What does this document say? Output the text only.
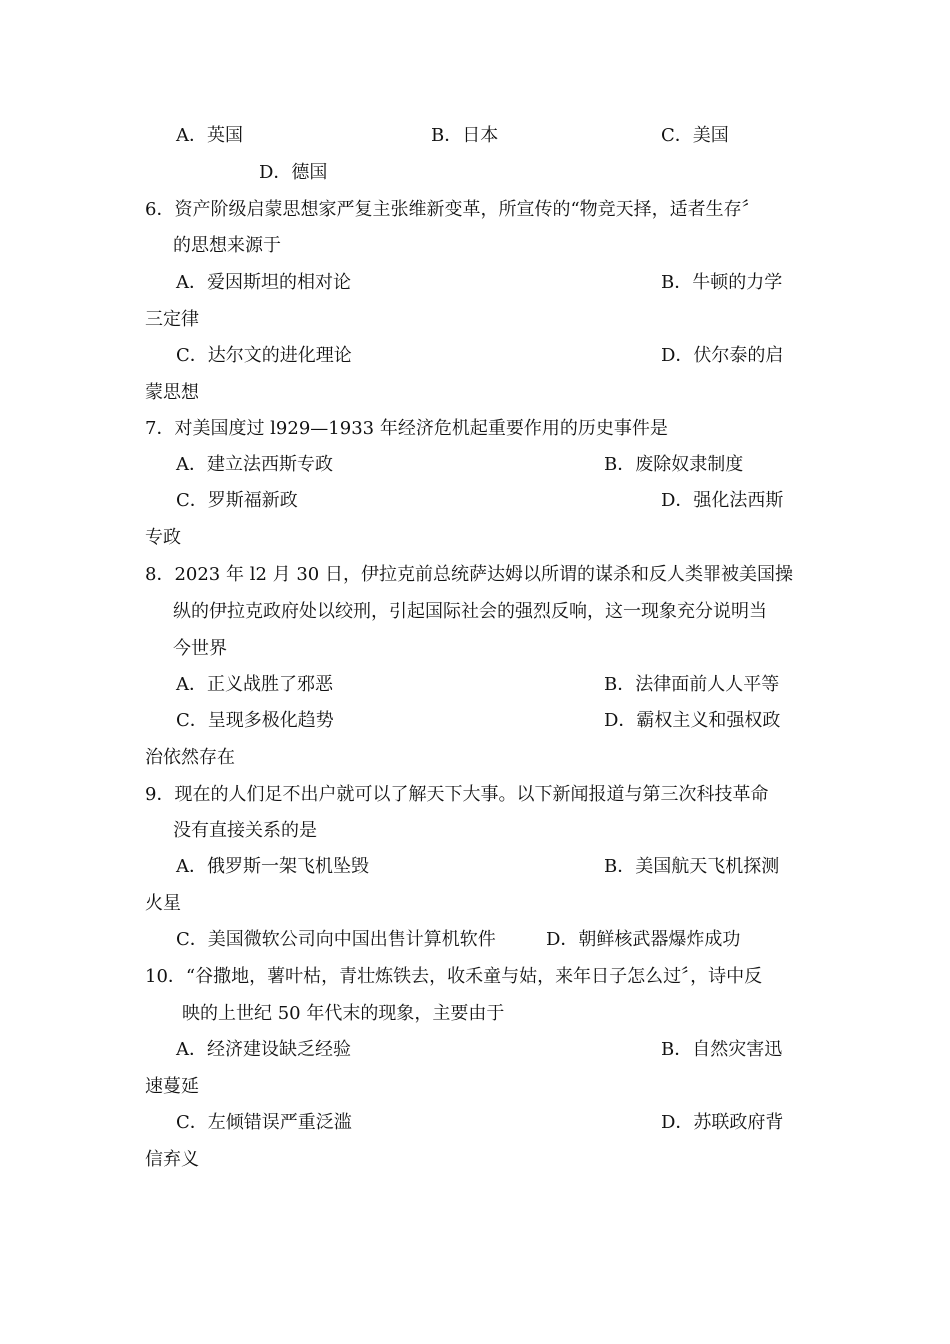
A．英国	B．日本	C．美国
D．德国
6．资产阶级启蒙思想家严复主张维新变革，所宣传的“物竞天择，适者生存〞
的思想来源于
A．爱因斯坦的相对论	B．牛顿的力学
三定律
C．达尔文的进化理论	D．伏尔泰的启
蒙思想
7．对美国度过 l929—1933 年经济危机起重要作用的历史事件是
A．建立法西斯专政	B．废除奴隶制度
C．罗斯福新政	D．强化法西斯
专政
8．2023 年 l2 月 30 日，伊拉克前总统萨达姆以所谓的谋杀和反人类罪被美国操
纵的伊拉克政府处以绞刑，引起国际社会的强烈反响，这一现象充分说明当
今世界
A．正义战胜了邪恶	B．法律面前人人平等
C．呈现多极化趋势	D．霸权主义和强权政
治依然存在
9．现在的人们足不出户就可以了解天下大事。以下新闻报道与第三次科技革命
没有直接关系的是
A．俄罗斯一架飞机坠毁	B．美国航天飞机探测
火星
C．美国微软公司向中国出售计算机软件	D．朝鲜核武器爆炸成功
10．“谷撒地，薯叶枯，青壮炼铁去，收禾童与姑，来年日子怎么过〞，诗中反
映的上世纪 50 年代末的现象，主要由于
A．经济建设缺乏经验	B．自然灾害迅
速蔓延
C．左倾错误严重泛滥	D．苏联政府背
信弃义
